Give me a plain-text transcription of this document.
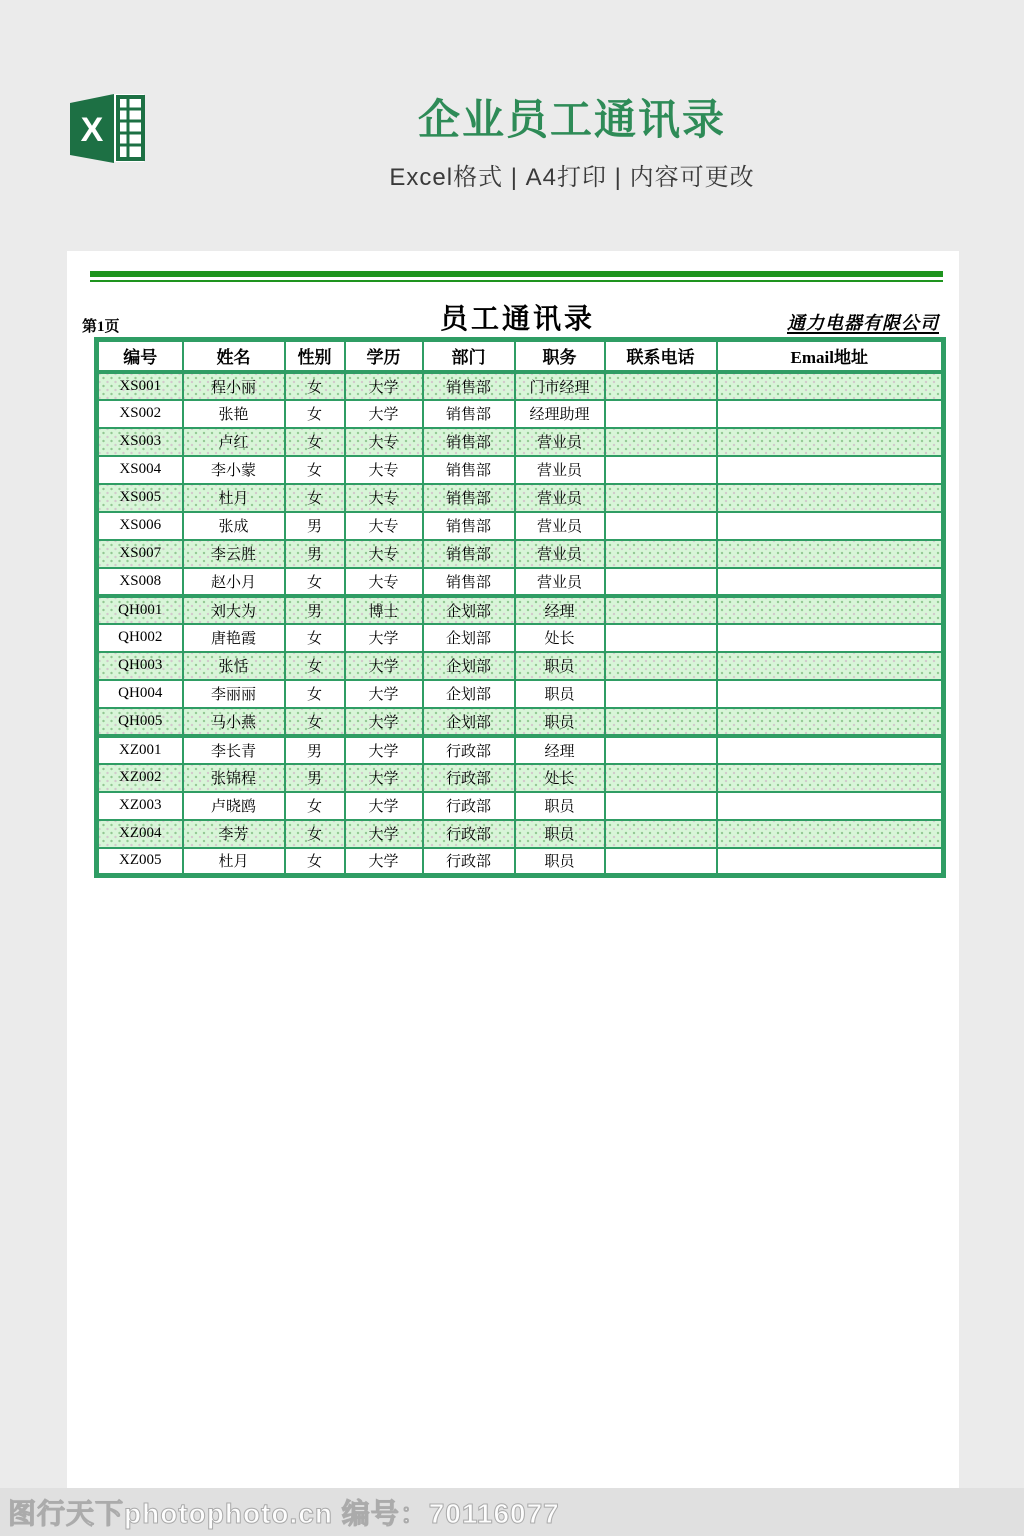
X	企业员工通讯录
Excel格式 | A4打印 | 内容可更改
第1页	员工通讯录	通力电器有限公司
编号	姓名	性别	学历	部门	职务	联系电话	Email地址
XS001	程小丽	女	大学	销售部	门市经理		
XS002	张艳	女	大学	销售部	经理助理		
XS003	卢红	女	大专	销售部	营业员		
XS004	李小蒙	女	大专	销售部	营业员		
XS005	杜月	女	大专	销售部	营业员		
XS006	张成	男	大专	销售部	营业员		
XS007	李云胜	男	大专	销售部	营业员		
XS008	赵小月	女	大专	销售部	营业员		
QH001	刘大为	男	博士	企划部	经理		
QH002	唐艳霞	女	大学	企划部	处长		
QH003	张恬	女	大学	企划部	职员		
QH004	李丽丽	女	大学	企划部	职员		
QH005	马小燕	女	大学	企划部	职员		
XZ001	李长青	男	大学	行政部	经理		
XZ002	张锦程	男	大学	行政部	处长		
XZ003	卢晓鸥	女	大学	行政部	职员		
XZ004	李芳	女	大学	行政部	职员		
XZ005	杜月	女	大学	行政部	职员		
图行天下photophoto.cn 编号：70116077
